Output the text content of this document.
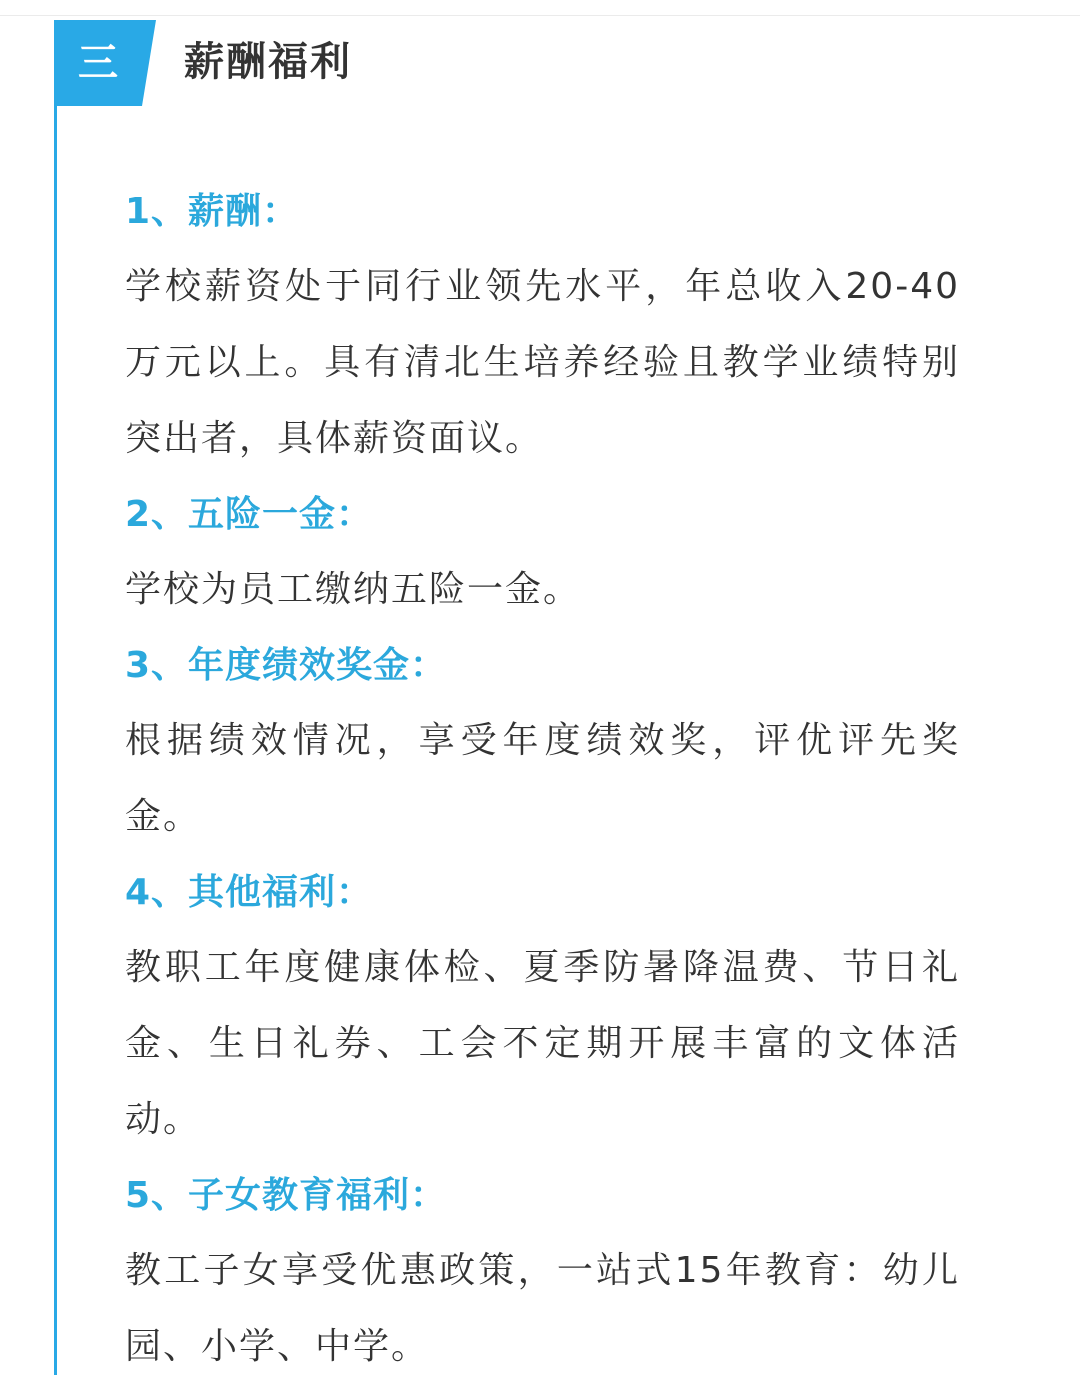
三	薪酬福利
1、薪酬：

学校薪资处于同行业领先水平，年总收入20-40万元以上。具有清北生培养经验且教学业绩特别突出者，具体薪资面议。

2、五险一金：

学校为员工缴纳五险一金。

3、年度绩效奖金：

根据绩效情况，享受年度绩效奖，评优评先奖金。

4、其他福利：

教职工年度健康体检、夏季防暑降温费、节日礼金、生日礼券、工会不定期开展丰富的文体活动。

5、子女教育福利：

教工子女享受优惠政策，一站式15年教育：幼儿园、小学、中学。
